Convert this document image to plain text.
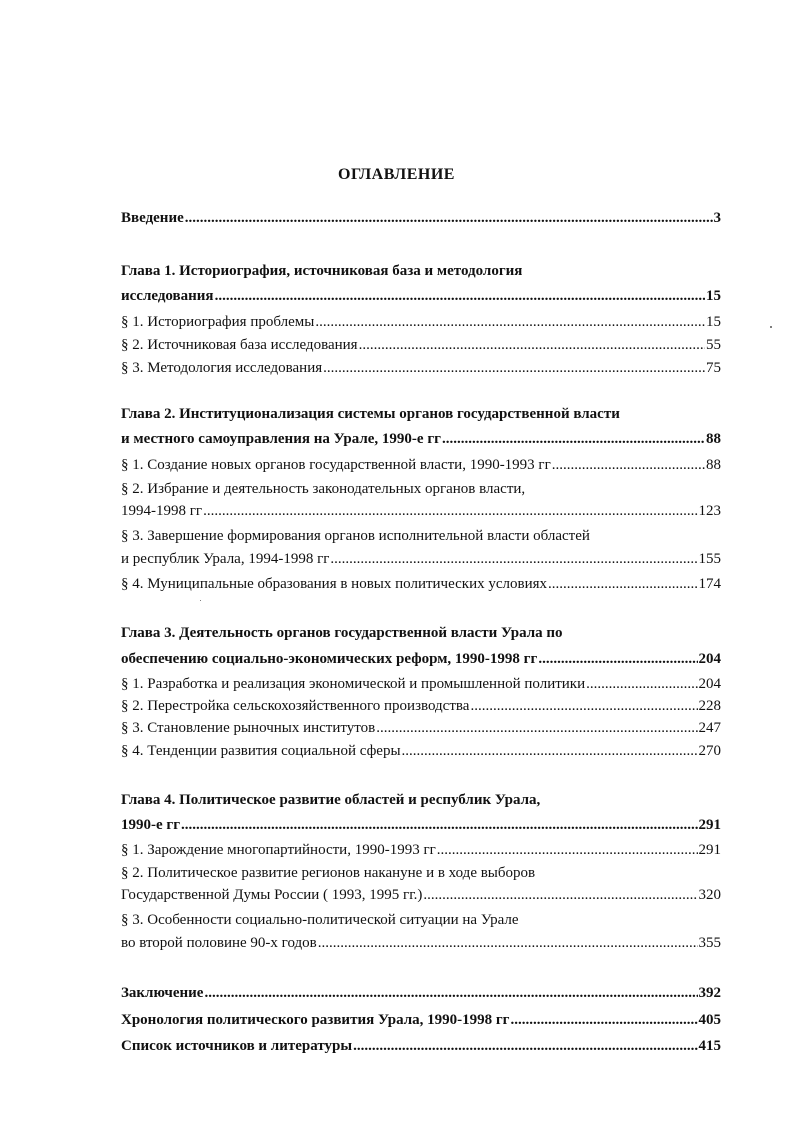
ОГЛАВЛЕНИЕ
Введение .....	3
Глава 1. Историография, источниковая база и методология
исследования .....	15
§ 1. Историография проблемы .....	15
§ 2. Источниковая база исследования .....	55
§ 3. Методология исследования .....	75
Глава 2. Институционализация системы органов государственной власти
и местного самоуправления на Урале, 1990-е гг .....	88
§ 1. Создание новых органов государственной власти, 1990-1993 гг .....	88
§ 2. Избрание и деятельность законодательных органов власти,
1994-1998 гг .....	123
§ 3. Завершение формирования органов исполнительной власти областей
и республик Урала, 1994-1998 гг .....	155
§ 4. Муниципальные образования в новых политических условиях .....	174
Глава 3. Деятельность органов государственной власти Урала по
обеспечению социально-экономических реформ, 1990-1998 гг .....	204
§ 1. Разработка и реализация экономической и промышленной политики .....	204
§ 2. Перестройка сельскохозяйственного производства .....	228
§ 3. Становление рыночных институтов .....	247
§ 4. Тенденции развития социальной сферы .....	270
Глава 4. Политическое развитие областей и республик Урала,
1990-е гг .....	291
§ 1. Зарождение многопартийности, 1990-1993 гг .....	291
§ 2. Политическое развитие регионов накануне и в ходе выборов
Государственной Думы России ( 1993, 1995 гг.) .....	320
§ 3. Особенности социально-политической ситуации на Урале
во второй половине 90-х годов .....	355
Заключение .....	392
Хронология политического развития Урала, 1990-1998 гг .....	405
Список источников и литературы .....	415
